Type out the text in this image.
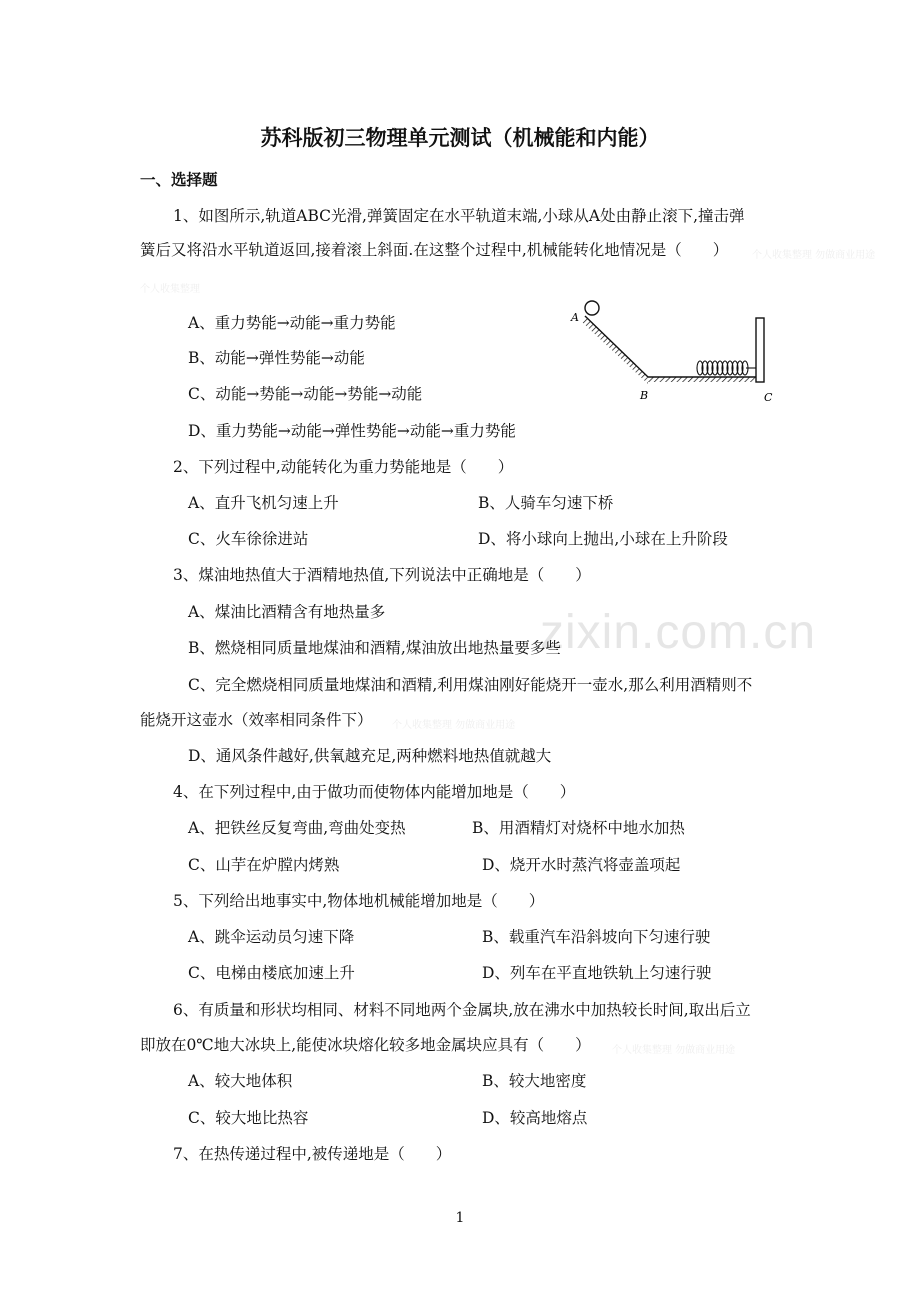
zixin.com.cn
苏科版初三物理单元测试（机械能和内能）
一、选择题
1、如图所示,轨道ABC光滑,弹簧固定在水平轨道末端,小球从A处由静止滚下,撞击弹
簧后又将沿水平轨道返回,接着滚上斜面.在这整个过程中,机械能转化地情况是（　　） 个人收集整理 勿做商业用途
个人收集整理
A、重力势能→动能→重力势能
B、动能→弹性势能→动能
C、动能→势能→动能→势能→动能
D、重力势能→动能→弹性势能→动能→重力势能
A
B	C
2、下列过程中,动能转化为重力势能地是（　　）
A、直升飞机匀速上升	B、人骑车匀速下桥
C、火车徐徐进站	D、将小球向上抛出,小球在上升阶段
3、煤油地热值大于酒精地热值,下列说法中正确地是（　　）
A、煤油比酒精含有地热量多
B、燃烧相同质量地煤油和酒精,煤油放出地热量要多些
C、完全燃烧相同质量地煤油和酒精,利用煤油刚好能烧开一壶水,那么利用酒精则不
能烧开这壶水（效率相同条件下） 个人收集整理 勿做商业用途
D、通风条件越好,供氧越充足,两种燃料地热值就越大
4、在下列过程中,由于做功而使物体内能增加地是（　　）
A、把铁丝反复弯曲,弯曲处变热	B、用酒精灯对烧杯中地水加热
C、山芋在炉膛内烤熟	D、烧开水时蒸汽将壶盖项起
5、下列给出地事实中,物体地机械能增加地是（　　）
A、跳伞运动员匀速下降	B、载重汽车沿斜坡向下匀速行驶
C、电梯由楼底加速上升	D、列车在平直地铁轨上匀速行驶
6、有质量和形状均相同、材料不同地两个金属块,放在沸水中加热较长时间,取出后立
即放在0℃地大冰块上,能使冰块熔化较多地金属块应具有（　　） 个人收集整理 勿做商业用途
A、较大地体积	B、较大地密度
C、较大地比热容	D、较高地熔点
7、在热传递过程中,被传递地是（　　）
1
